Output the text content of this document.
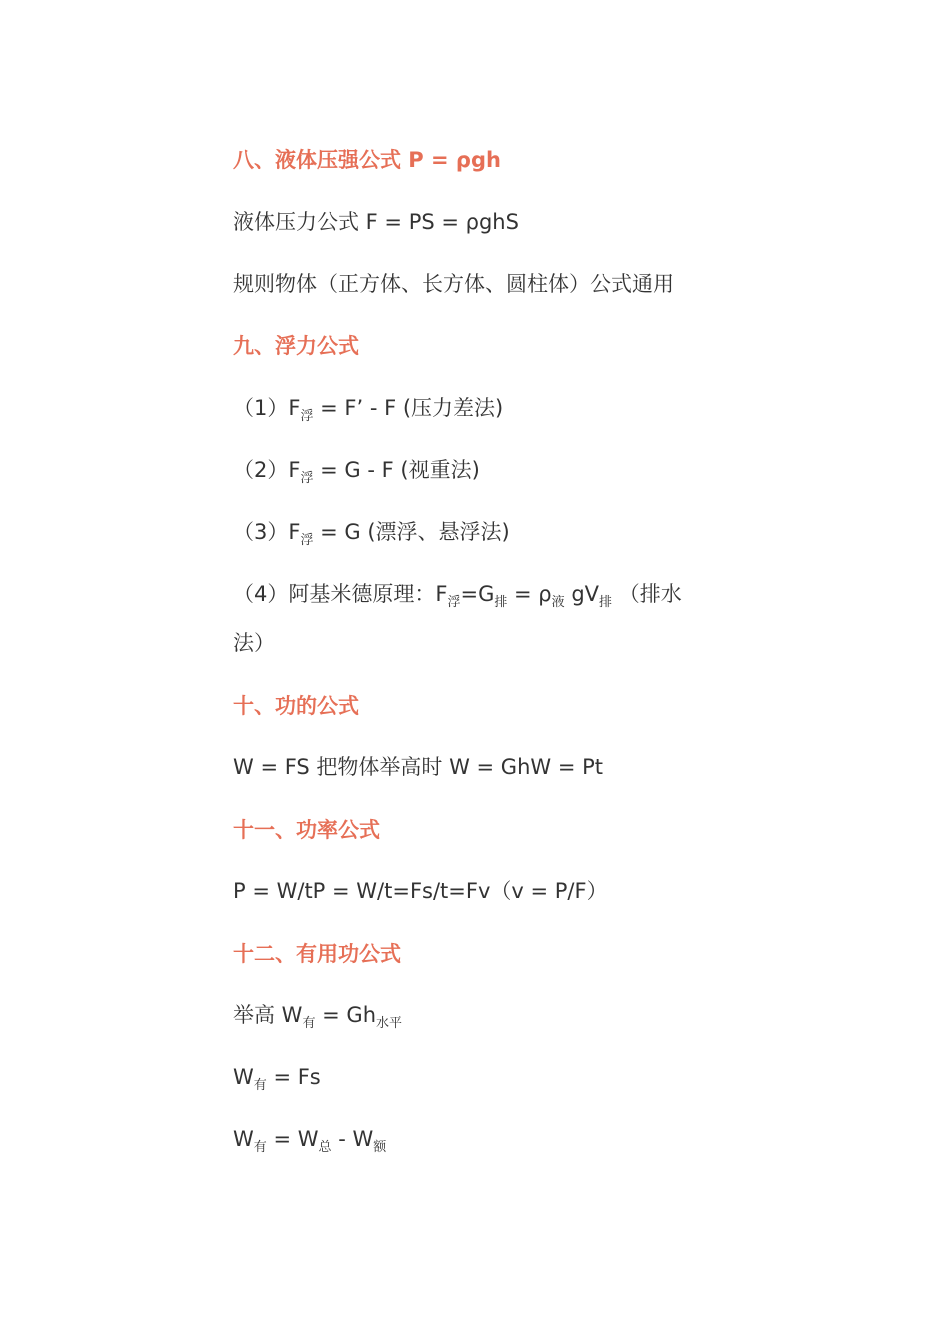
八、液体压强公式 P = ρgh
液体压力公式 F = PS = ρghS
规则物体（正方体、长方体、圆柱体）公式通用
九、浮力公式
$(1)F_浮 = F$’ - F (压力差法)
$(2)F_浮 = G - F$ (视重法)
$(3)F_浮 = G$ (漂浮、悬浮法)
（4）阿基米德原理：$F_浮=G_排 = \rho_液$ $gV_排$ （排水
法）
十、功的公式
W = FS 把物体举高时 W = GhW = Pt
十一、功率公式
P = W/tP = W/t=Fs/t=Fv（v = P/F）
十二、有用功公式
举高 $W_有 = Gh_{水平}$
$W_有 = Fs$
$W_有 = W_总 - W_额$
